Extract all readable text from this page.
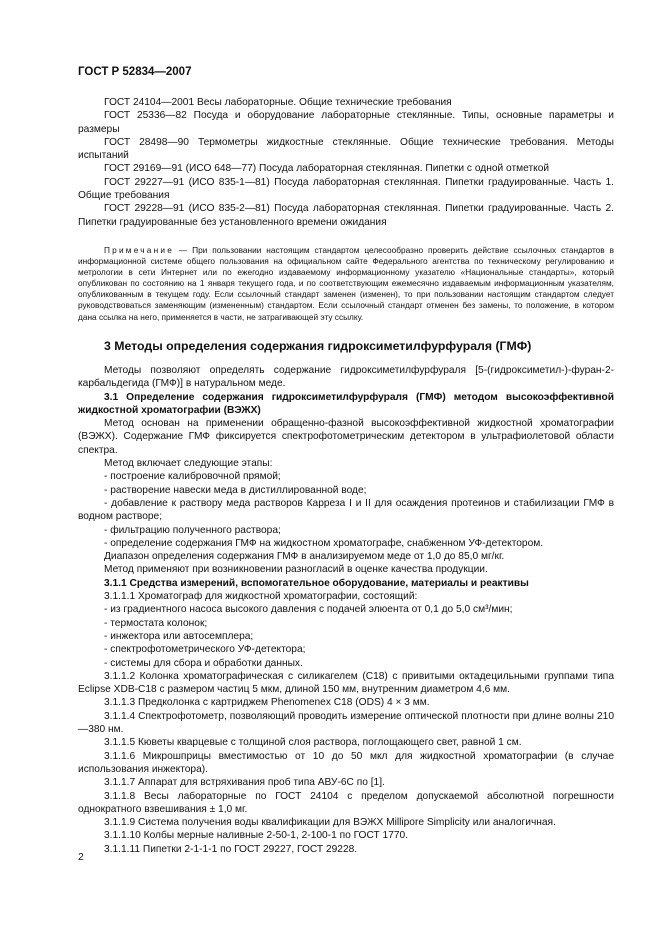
ГОСТ Р 52834—2007

ГОСТ 24104—2001 Весы лабораторные. Общие технические требования

ГОСТ 25336—82 Посуда и оборудование лабораторные стеклянные. Типы, основные параметры и размеры

ГОСТ 28498—90 Термометры жидкостные стеклянные. Общие технические требования. Методы испытаний

ГОСТ 29169—91 (ИСО 648—77) Посуда лабораторная стеклянная. Пипетки с одной отметкой

ГОСТ 29227—91 (ИСО 835-1—81) Посуда лабораторная стеклянная. Пипетки градуированные. Часть 1. Общие требования

ГОСТ 29228—91 (ИСО 835-2—81) Посуда лабораторная стеклянная. Пипетки градуированные. Часть 2. Пипетки градуированные без установленного времени ожидания

Примечание — При пользовании настоящим стандартом целесообразно проверить действие ссылочных стандартов в информационной системе общего пользования на официальном сайте Федерального агентства по техническому регулированию и метрологии в сети Интернет или по ежегодно издаваемому информационному указателю «Национальные стандарты», который опубликован по состоянию на 1 января текущего года, и по соответствующим ежемесячно издаваемым информационным указателям, опубликованным в текущем году. Если ссылочный стандарт заменен (изменен), то при пользовании настоящим стандартом следует руководствоваться заменяющим (измененным) стандартом. Если ссылочный стандарт отменен без замены, то положение, в котором дана ссылка на него, применяется в части, не затрагивающей эту ссылку.

3 Методы определения содержания гидроксиметилфурфураля (ГМФ)

Методы позволяют определять содержание гидроксиметилфурфураля [5-(гидроксиметил-)-фуран-2-карбальдегида (ГМФ)] в натуральном меде.

3.1 Определение содержания гидроксиметилфурфураля (ГМФ) методом высокоэффективной жидкостной хроматографии (ВЭЖХ)

Метод основан на применении обращенно-фазной высокоэффективной жидкостной хроматографии (ВЭЖХ). Содержание ГМФ фиксируется спектрофотометрическим детектором в ультрафиолетовой области спектра.

Метод включает следующие этапы:

- построение калибровочной прямой;

- растворение навески меда в дистиллированной воде;

- добавление к раствору меда растворов Карреза I и II для осаждения протеинов и стабилизации ГМФ в водном растворе;

- фильтрацию полученного раствора;

- определение содержания ГМФ на жидкостном хроматографе, снабженном УФ-детектором.

Диапазон определения содержания ГМФ в анализируемом меде от 1,0 до 85,0 мг/кг.

Метод применяют при возникновении разногласий в оценке качества продукции.

3.1.1 Средства измерений, вспомогательное оборудование, материалы и реактивы

3.1.1.1 Хроматограф для жидкостной хроматографии, состоящий:

- из градиентного насоса высокого давления с подачей элюента от 0,1 до 5,0 см³/мин;

- термостата колонок;

- инжектора или автосемплера;

- спектрофотометрического УФ-детектора;

- системы для сбора и обработки данных.

3.1.1.2 Колонка хроматографическая с силикагелем (С18) с привитыми октадецильными группами типа Eclipse XDB-C18 с размером частиц 5 мкм, длиной 150 мм, внутренним диаметром 4,6 мм.

3.1.1.3 Предколонка с картриджем Phenomenex C18 (ODS) 4 × 3 мм.

3.1.1.4 Спектрофотометр, позволяющий проводить измерение оптической плотности при длине волны 210—380 нм.

3.1.1.5 Кюветы кварцевые с толщиной слоя раствора, поглощающего свет, равной 1 см.

3.1.1.6 Микрошприцы вместимостью от 10 до 50 мкл для жидкостной хроматографии (в случае использования инжектора).

3.1.1.7 Аппарат для встряхивания проб типа АВУ-6С по [1].

3.1.1.8 Весы лабораторные по ГОСТ 24104 с пределом допускаемой абсолютной погрешности однократного взвешивания ± 1,0 мг.

3.1.1.9 Система получения воды квалификации для ВЭЖХ Millipore Simplicity или аналогичная.

3.1.1.10 Колбы мерные наливные 2-50-1, 2-100-1 по ГОСТ 1770.

3.1.1.11 Пипетки 2-1-1-1 по ГОСТ 29227, ГОСТ 29228.

2
